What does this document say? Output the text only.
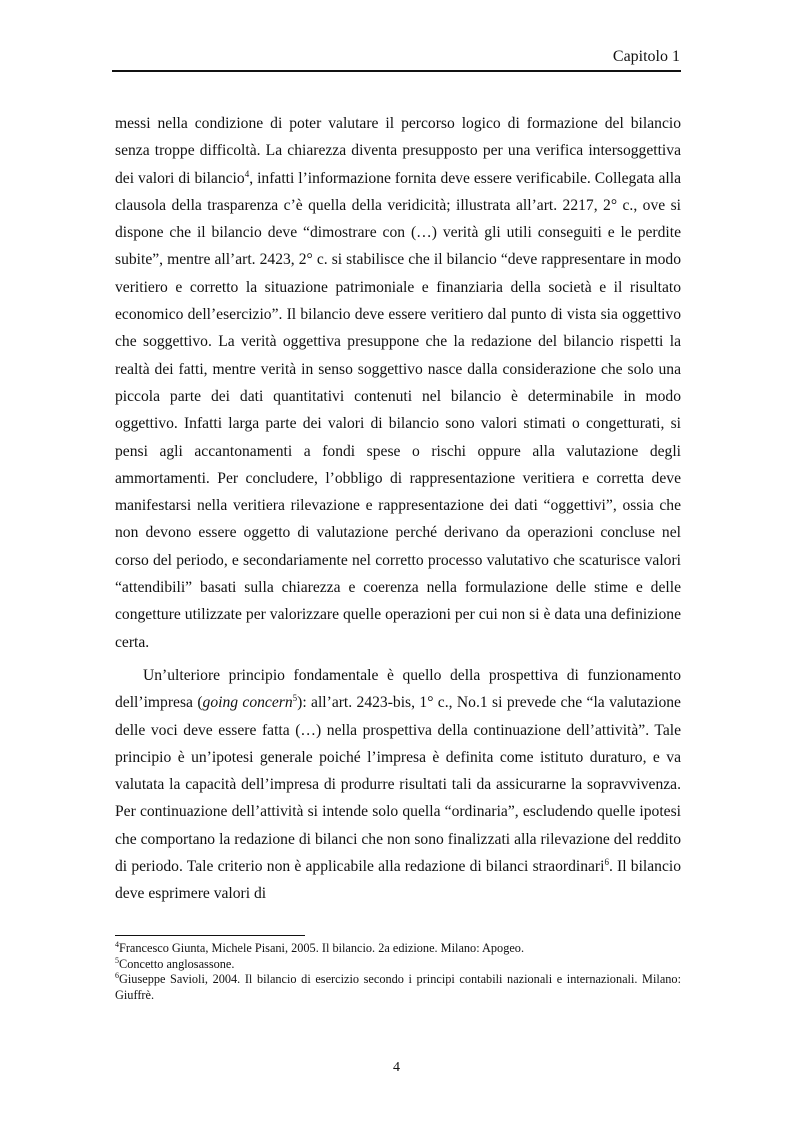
Capitolo 1

messi nella condizione di poter valutare il percorso logico di formazione del bilancio senza troppe difficoltà. La chiarezza diventa presupposto per una verifica intersoggettiva dei valori di bilancio$^4$, infatti l’informazione fornita deve essere verificabile. Collegata alla clausola della trasparenza c’è quella della veridicità; illustrata all’art. 2217, 2° c., ove si dispone che il bilancio deve “dimostrare con (…) verità gli utili conseguiti e le perdite subite”, mentre all’art. 2423, 2° c. si stabilisce che il bilancio “deve rappresentare in modo veritiero e corretto la situazione patrimoniale e finanziaria della società e il risultato economico dell’esercizio”. Il bilancio deve essere veritiero dal punto di vista sia oggettivo che soggettivo. La verità oggettiva presuppone che la redazione del bilancio rispetti la realtà dei fatti, mentre verità in senso soggettivo nasce dalla considerazione che solo una piccola parte dei dati quantitativi contenuti nel bilancio è determinabile in modo oggettivo. Infatti larga parte dei valori di bilancio sono valori stimati o congetturati, si pensi agli accantonamenti a fondi spese o rischi oppure alla valutazione degli ammortamenti. Per concludere, l’obbligo di rappresentazione veritiera e corretta deve manifestarsi nella veritiera rilevazione e rappresentazione dei dati “oggettivi”, ossia che non devono essere oggetto di valutazione perché derivano da operazioni concluse nel corso del periodo, e secondariamente nel corretto processo valutativo che scaturisce valori “attendibili” basati sulla chiarezza e coerenza nella formulazione delle stime e delle congetture utilizzate per valorizzare quelle operazioni per cui non si è data una definizione certa.

Un’ulteriore principio fondamentale è quello della prospettiva di funzionamento dell’impresa (going concern$^5$): all’art. 2423-bis, 1° c., No.1 si prevede che “la valutazione delle voci deve essere fatta (…) nella prospettiva della continuazione dell’attività”. Tale principio è un’ipotesi generale poiché l’impresa è definita come istituto duraturo, e va valutata la capacità dell’impresa di produrre risultati tali da assicurarne la sopravvivenza. Per continuazione dell’attività si intende solo quella “ordinaria”, escludendo quelle ipotesi che comportano la redazione di bilanci che non sono finalizzati alla rilevazione del reddito di periodo. Tale criterio non è applicabile alla redazione di bilanci straordinari$^6$. Il bilancio deve esprimere valori di

$^4$Francesco Giunta, Michele Pisani, 2005. Il bilancio. 2a edizione. Milano: Apogeo.
$^5$Concetto anglosassone.
$^6$Giuseppe Savioli, 2004. Il bilancio di esercizio secondo i principi contabili nazionali e internazionali. Milano: Giuffrè.
4
